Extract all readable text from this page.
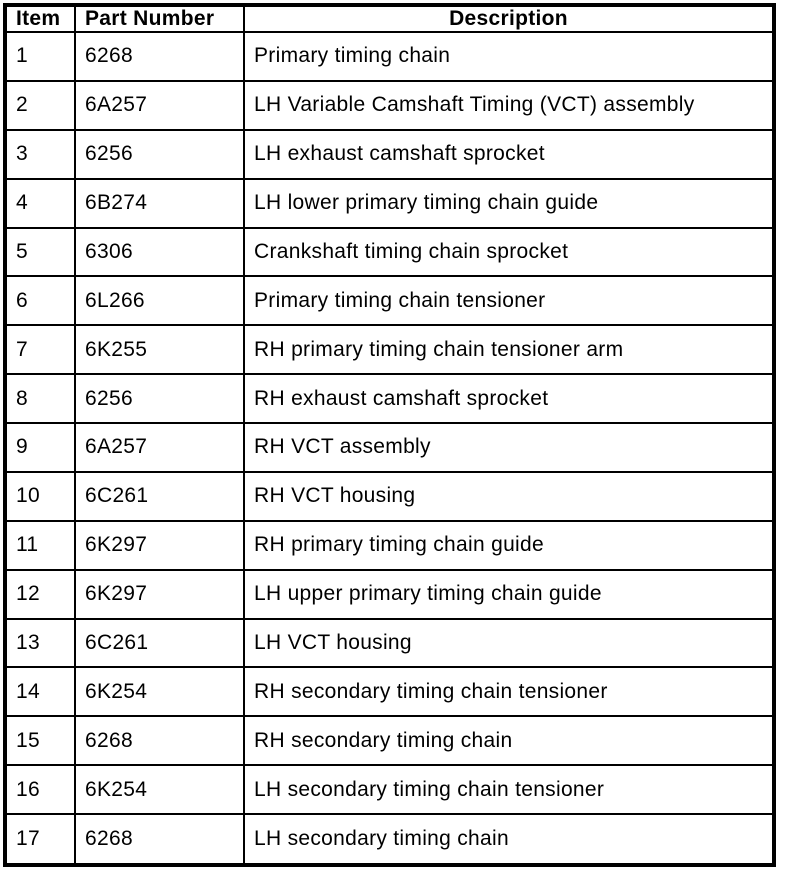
Item	Part Number	Description
1	6268	Primary timing chain
2	6A257	LH Variable Camshaft Timing (VCT) assembly
3	6256	LH exhaust camshaft sprocket
4	6B274	LH lower primary timing chain guide
5	6306	Crankshaft timing chain sprocket
6	6L266	Primary timing chain tensioner
7	6K255	RH primary timing chain tensioner arm
8	6256	RH exhaust camshaft sprocket
9	6A257	RH VCT assembly
10	6C261	RH VCT housing
11	6K297	RH primary timing chain guide
12	6K297	LH upper primary timing chain guide
13	6C261	LH VCT housing
14	6K254	RH secondary timing chain tensioner
15	6268	RH secondary timing chain
16	6K254	LH secondary timing chain tensioner
17	6268	LH secondary timing chain
